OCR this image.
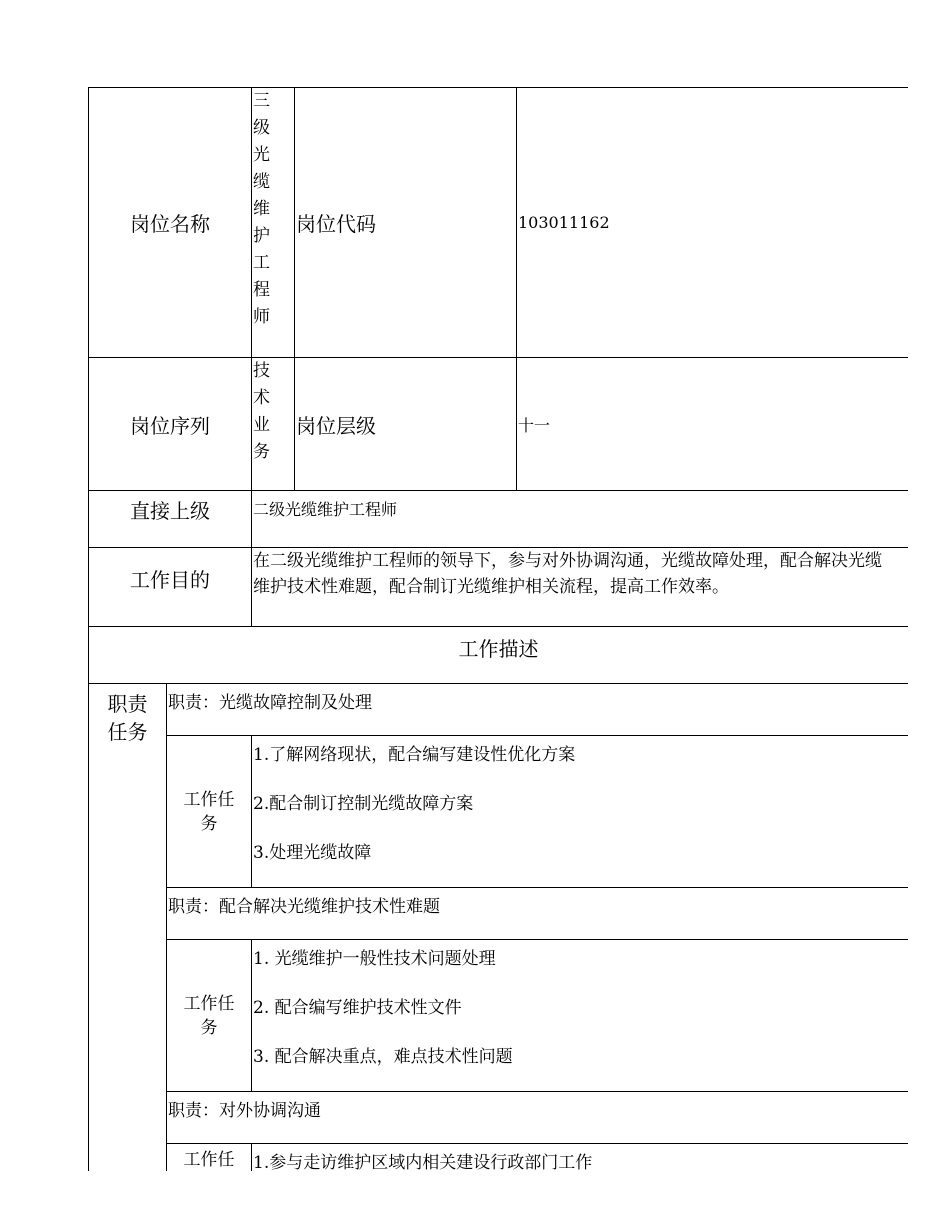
岗位名称		三级光缆维护工程师	岗位代码	103011162
岗位序列		技术业务	岗位层级	十一
直接上级		二级光缆维护工程师		
工作目的		在二级光缆维护工程师的领导下，参与对外协调沟通，光缆故障处理，配合解决光缆维护技术性难题，配合制订光缆维护相关流程，提高工作效率。		
工作描述				
职责任务	职责：光缆故障控制及处理			
	工作任务	1.了解网络现状，配合编写建设性优化方案
2.配合制订控制光缆故障方案
3.处理光缆故障		

	职责：配合解决光缆维护技术性难题			
	工作任务	1. 光缆维护一般性技术问题处理
2. 配合编写维护技术性文件
3. 配合解决重点，难点技术性问题		

	职责：对外协调沟通			
	工作任	1.参与走访维护区域内相关建设行政部门工作		
